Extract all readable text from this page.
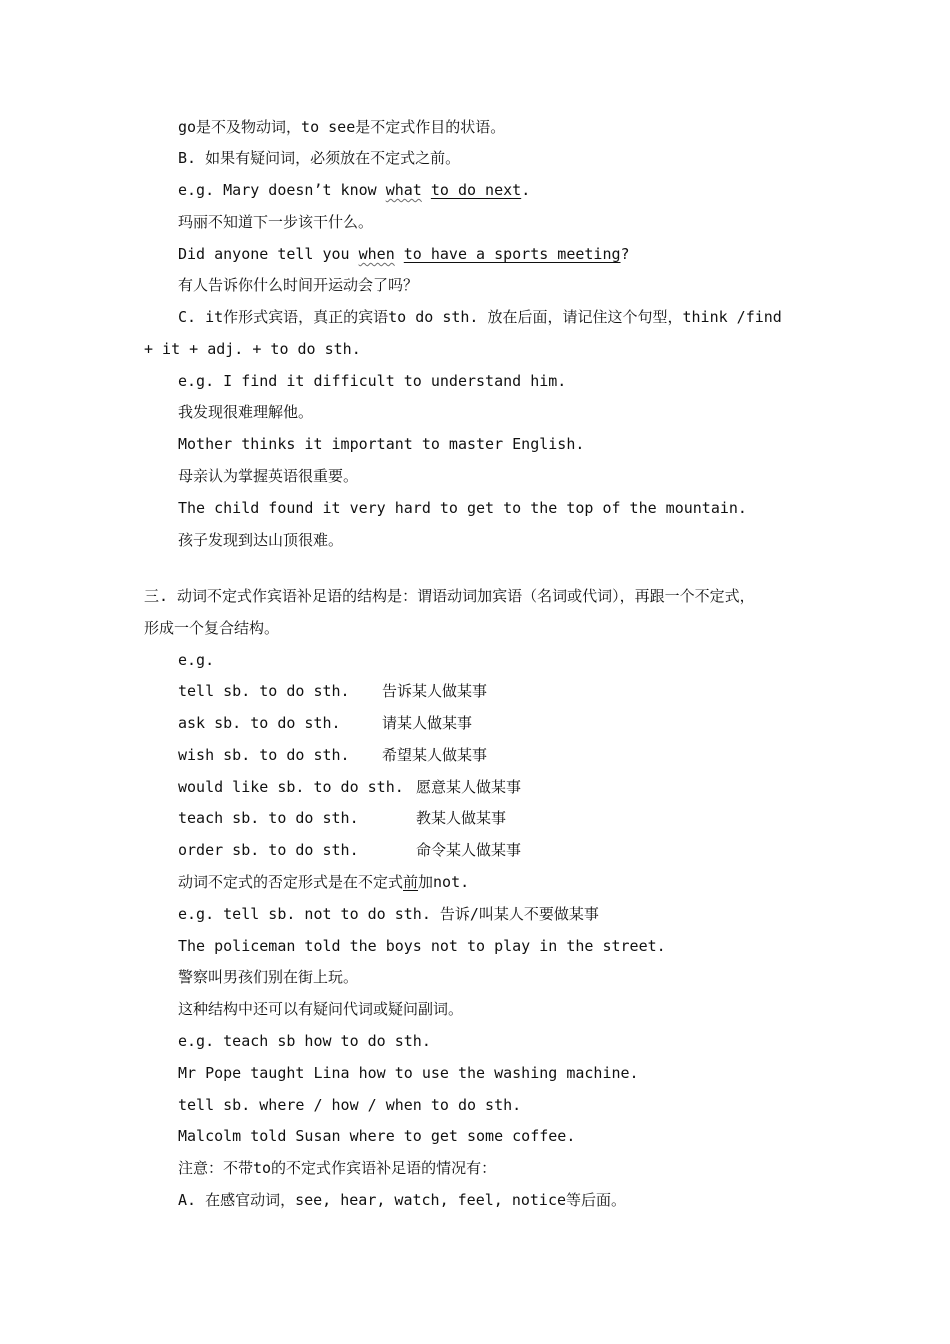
go是不及物动词，to see是不定式作目的状语。
B. 如果有疑问词，必须放在不定式之前。
e.g. Mary doesn’t know what to do next.
玛丽不知道下一步该干什么。
Did anyone tell you when to have a sports meeting?
有人告诉你什么时间开运动会了吗？
C. it作形式宾语，真正的宾语to do sth. 放在后面，请记住这个句型，think /find
+ it + adj. + to do sth.
e.g. I find it difficult to understand him.
我发现很难理解他。
Mother thinks it important to master English.
母亲认为掌握英语很重要。
The child found it very hard to get to the top of the mountain.
孩子发现到达山顶很难。
三. 动词不定式作宾语补足语的结构是：谓语动词加宾语（名词或代词），再跟一个不定式，
形成一个复合结构。
e.g.
tell sb. to do sth. 告诉某人做某事
ask sb. to do sth.	请某人做某事
wish sb. to do sth. 希望某人做某事
would like sb. to do sth. 愿意某人做某事
teach sb. to do sth.	教某人做某事
order sb. to do sth.	命令某人做某事
动词不定式的否定形式是在不定式前加not.
e.g. tell sb. not to do sth. 告诉/叫某人不要做某事
The policeman told the boys not to play in the street.
警察叫男孩们别在街上玩。
这种结构中还可以有疑问代词或疑问副词。
e.g. teach sb how to do sth.
Mr Pope taught Lina how to use the washing machine.
tell sb. where / how / when to do sth.
Malcolm told Susan where to get some coffee.
注意：不带to的不定式作宾语补足语的情况有：
A. 在感官动词，see, hear, watch, feel, notice等后面。
